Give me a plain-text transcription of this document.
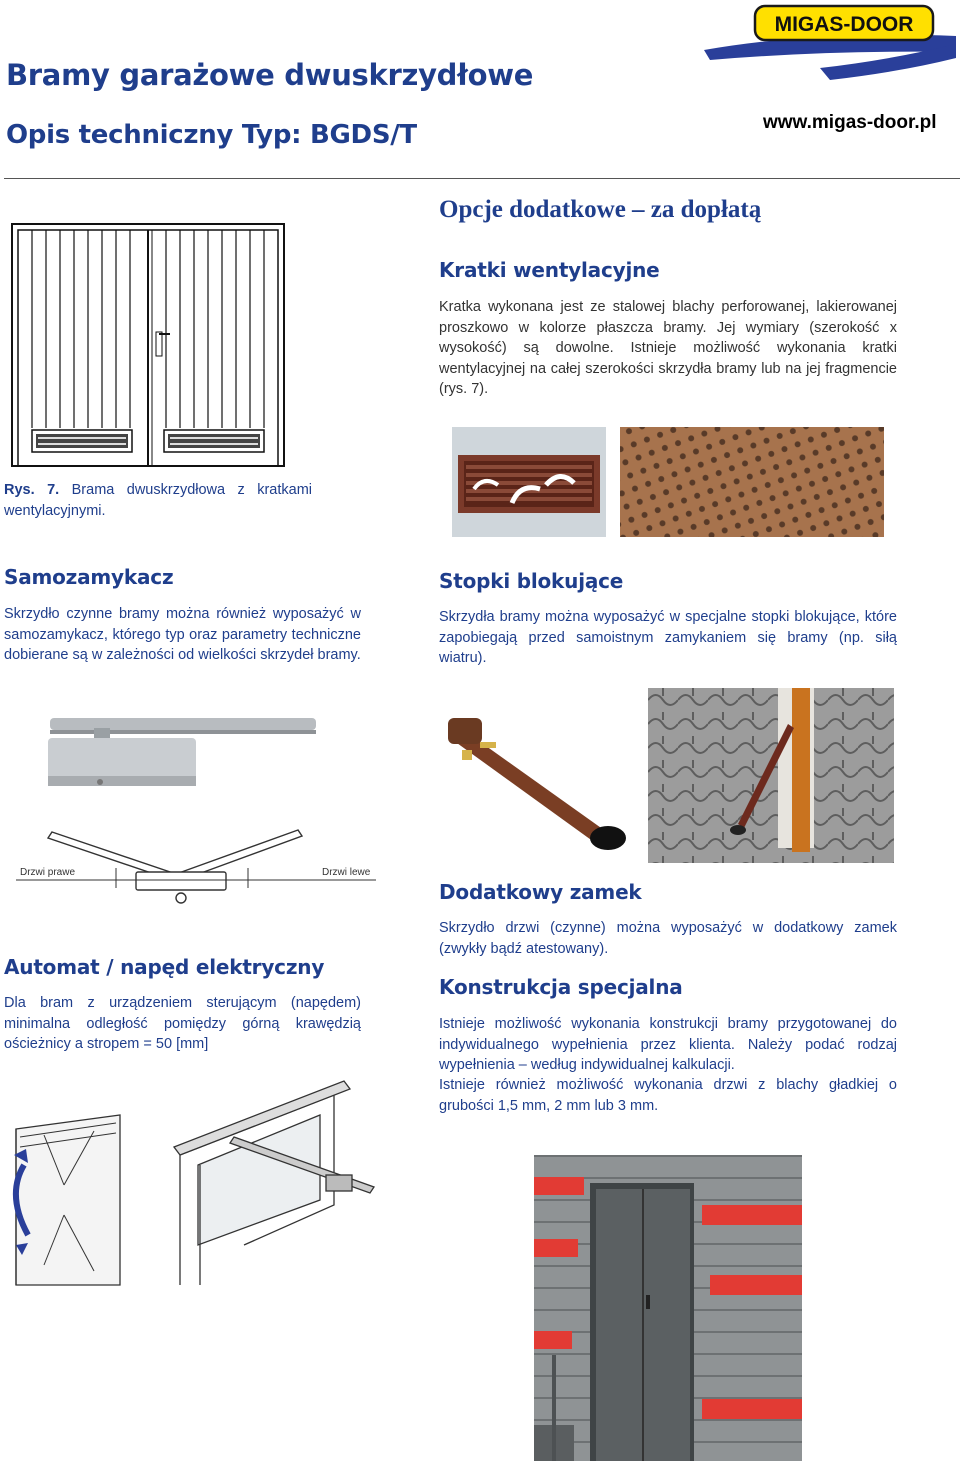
MIGAS-DOOR
Bramy garażowe dwuskrzydłowe
Opis techniczny Typ: BGDS/T	www.migas-door.pl
Rys. 7. Brama dwuskrzydłowa z kratkami wentylacyjnymi.
Opcje dodatkowe – za dopłatą
Kratki wentylacyjne
Kratka wykonana jest ze stalowej blachy perforowanej, lakierowanej proszkowo w kolorze płaszcza bramy. Jej wymiary (szerokość x wysokość) są dowolne. Istnieje możliwość wykonania kratki wentylacyjnej na całej szerokości skrzydła bramy lub na jej fragmencie (rys. 7).
Samozamykacz
Skrzydło czynne bramy można również wyposażyć w samozamykacz, którego typ oraz parametry techniczne dobierane są w zależności od wielkości skrzydeł bramy.
Drzwi prawe	Drzwi lewe
Stopki blokujące
Skrzydła bramy można wyposażyć w specjalne stopki blokujące, które zapobiegają przed samoistnym zamykaniem się bramy (np. siłą wiatru).
Dodatkowy zamek
Skrzydło drzwi (czynne) można wyposażyć w dodatkowy zamek (zwykły bądź atestowany).
Konstrukcja specjalna
Istnieje możliwość wykonania konstrukcji bramy przygotowanej do indywidualnego wypełnienia przez klienta. Należy podać rodzaj wypełnienia – według indywidualnej kalkulacji.
Istnieje również możliwość wykonania drzwi z blachy gładkiej o grubości 1,5 mm, 2 mm lub 3 mm.
Automat / napęd elektryczny
Dla bram z urządzeniem sterującym (napędem) minimalna odległość pomiędzy górną krawędzią ościeżnicy a stropem = 50 [mm]
